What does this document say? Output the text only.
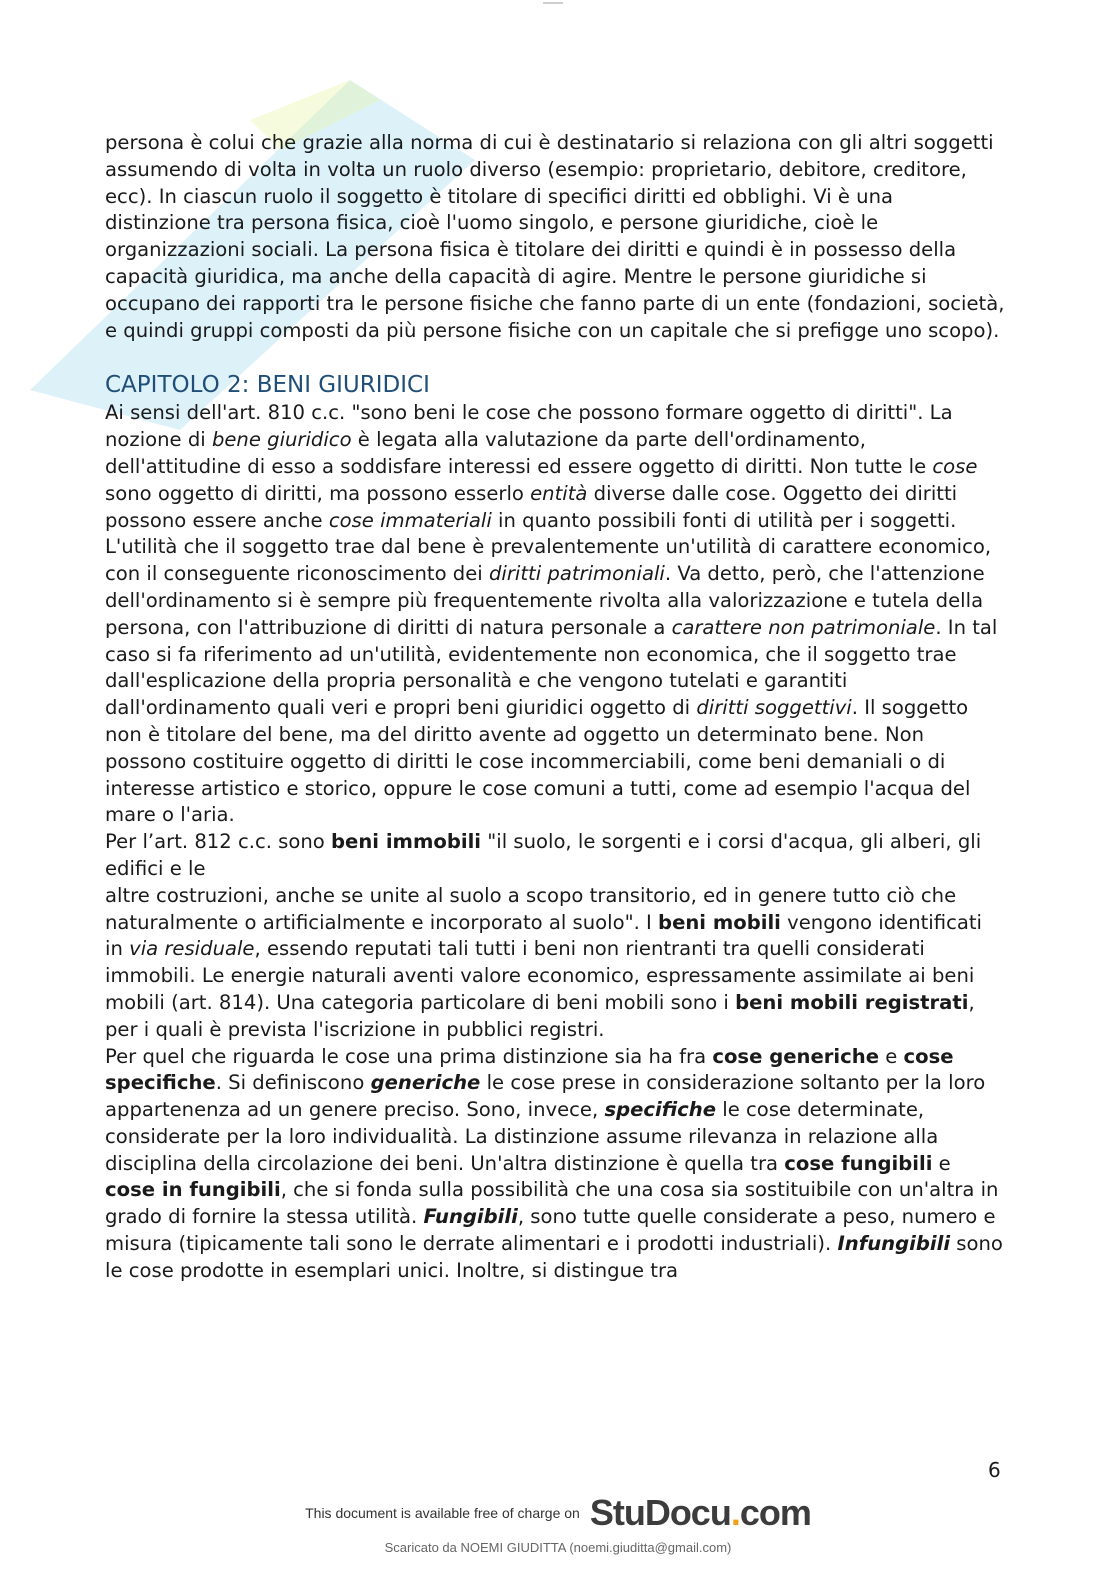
persona è colui che grazie alla norma di cui è destinatario si relaziona con gli altri soggetti assumendo di volta in volta un ruolo diverso (esempio: proprietario, debitore, creditore, ecc). In ciascun ruolo il soggetto è titolare di specifici diritti ed obblighi. Vi è una distinzione tra persona fisica, cioè l'uomo singolo, e persone giuridiche, cioè le organizzazioni sociali. La persona fisica è titolare dei diritti e quindi è in possesso della capacità giuridica, ma anche della capacità di agire. Mentre le persone giuridiche si occupano dei rapporti tra le persone fisiche che fanno parte di un ente (fondazioni, società, e quindi gruppi composti da più persone fisiche con un capitale che si prefigge uno scopo).

CAPITOLO 2: BENI GIURIDICI

Ai sensi dell'art. 810 c.c. "sono beni le cose che possono formare oggetto di diritti". La nozione di bene giuridico è legata alla valutazione da parte dell'ordinamento, dell'attitudine di esso a soddisfare interessi ed essere oggetto di diritti. Non tutte le cose sono oggetto di diritti, ma possono esserlo entità diverse dalle cose. Oggetto dei diritti possono essere anche cose immateriali in quanto possibili fonti di utilità per i soggetti. L'utilità che il soggetto trae dal bene è prevalentemente un'utilità di carattere economico, con il conseguente riconoscimento dei diritti patrimoniali. Va detto, però, che l'attenzione dell'ordinamento si è sempre più frequentemente rivolta alla valorizzazione e tutela della persona, con l'attribuzione di diritti di natura personale a carattere non patrimoniale. In tal caso si fa riferimento ad un'utilità, evidentemente non economica, che il soggetto trae dall'esplicazione della propria personalità e che vengono tutelati e garantiti dall'ordinamento quali veri e propri beni giuridici oggetto di diritti soggettivi. Il soggetto non è titolare del bene, ma del diritto avente ad oggetto un determinato bene. Non possono costituire oggetto di diritti le cose incommerciabili, come beni demaniali o di interesse artistico e storico, oppure le cose comuni a tutti, come ad esempio l'acqua del mare o l'aria.

Per l’art. 812 c.c. sono beni immobili "il suolo, le sorgenti e i corsi d'acqua, gli alberi, gli edifici e le
altre costruzioni, anche se unite al suolo a scopo transitorio, ed in genere tutto ciò che naturalmente o artificialmente e incorporato al suolo". I beni mobili vengono identificati in via residuale, essendo reputati tali tutti i beni non rientranti tra quelli considerati immobili. Le energie naturali aventi valore economico, espressamente assimilate ai beni mobili (art. 814). Una categoria particolare di beni mobili sono i beni mobili registrati, per i quali è prevista l'iscrizione in pubblici registri.

Per quel che riguarda le cose una prima distinzione sia ha fra cose generiche e cose specifiche. Si definiscono generiche le cose prese in considerazione soltanto per la loro appartenenza ad un genere preciso. Sono, invece, specifiche le cose determinate, considerate per la loro individualità. La distinzione assume rilevanza in relazione alla disciplina della circolazione dei beni. Un'altra distinzione è quella tra cose fungibili e cose in fungibili, che si fonda sulla possibilità che una cosa sia sostituibile con un'altra in grado di fornire la stessa utilità. Fungibili, sono tutte quelle considerate a peso, numero e misura (tipicamente tali sono le derrate alimentari e i prodotti industriali). Infungibili sono le cose prodotte in esemplari unici. Inoltre, si distingue tra

6
This document is available free of charge on StuDocu.com
Scaricato da NOEMI GIUDITTA (noemi.giuditta@gmail.com)
